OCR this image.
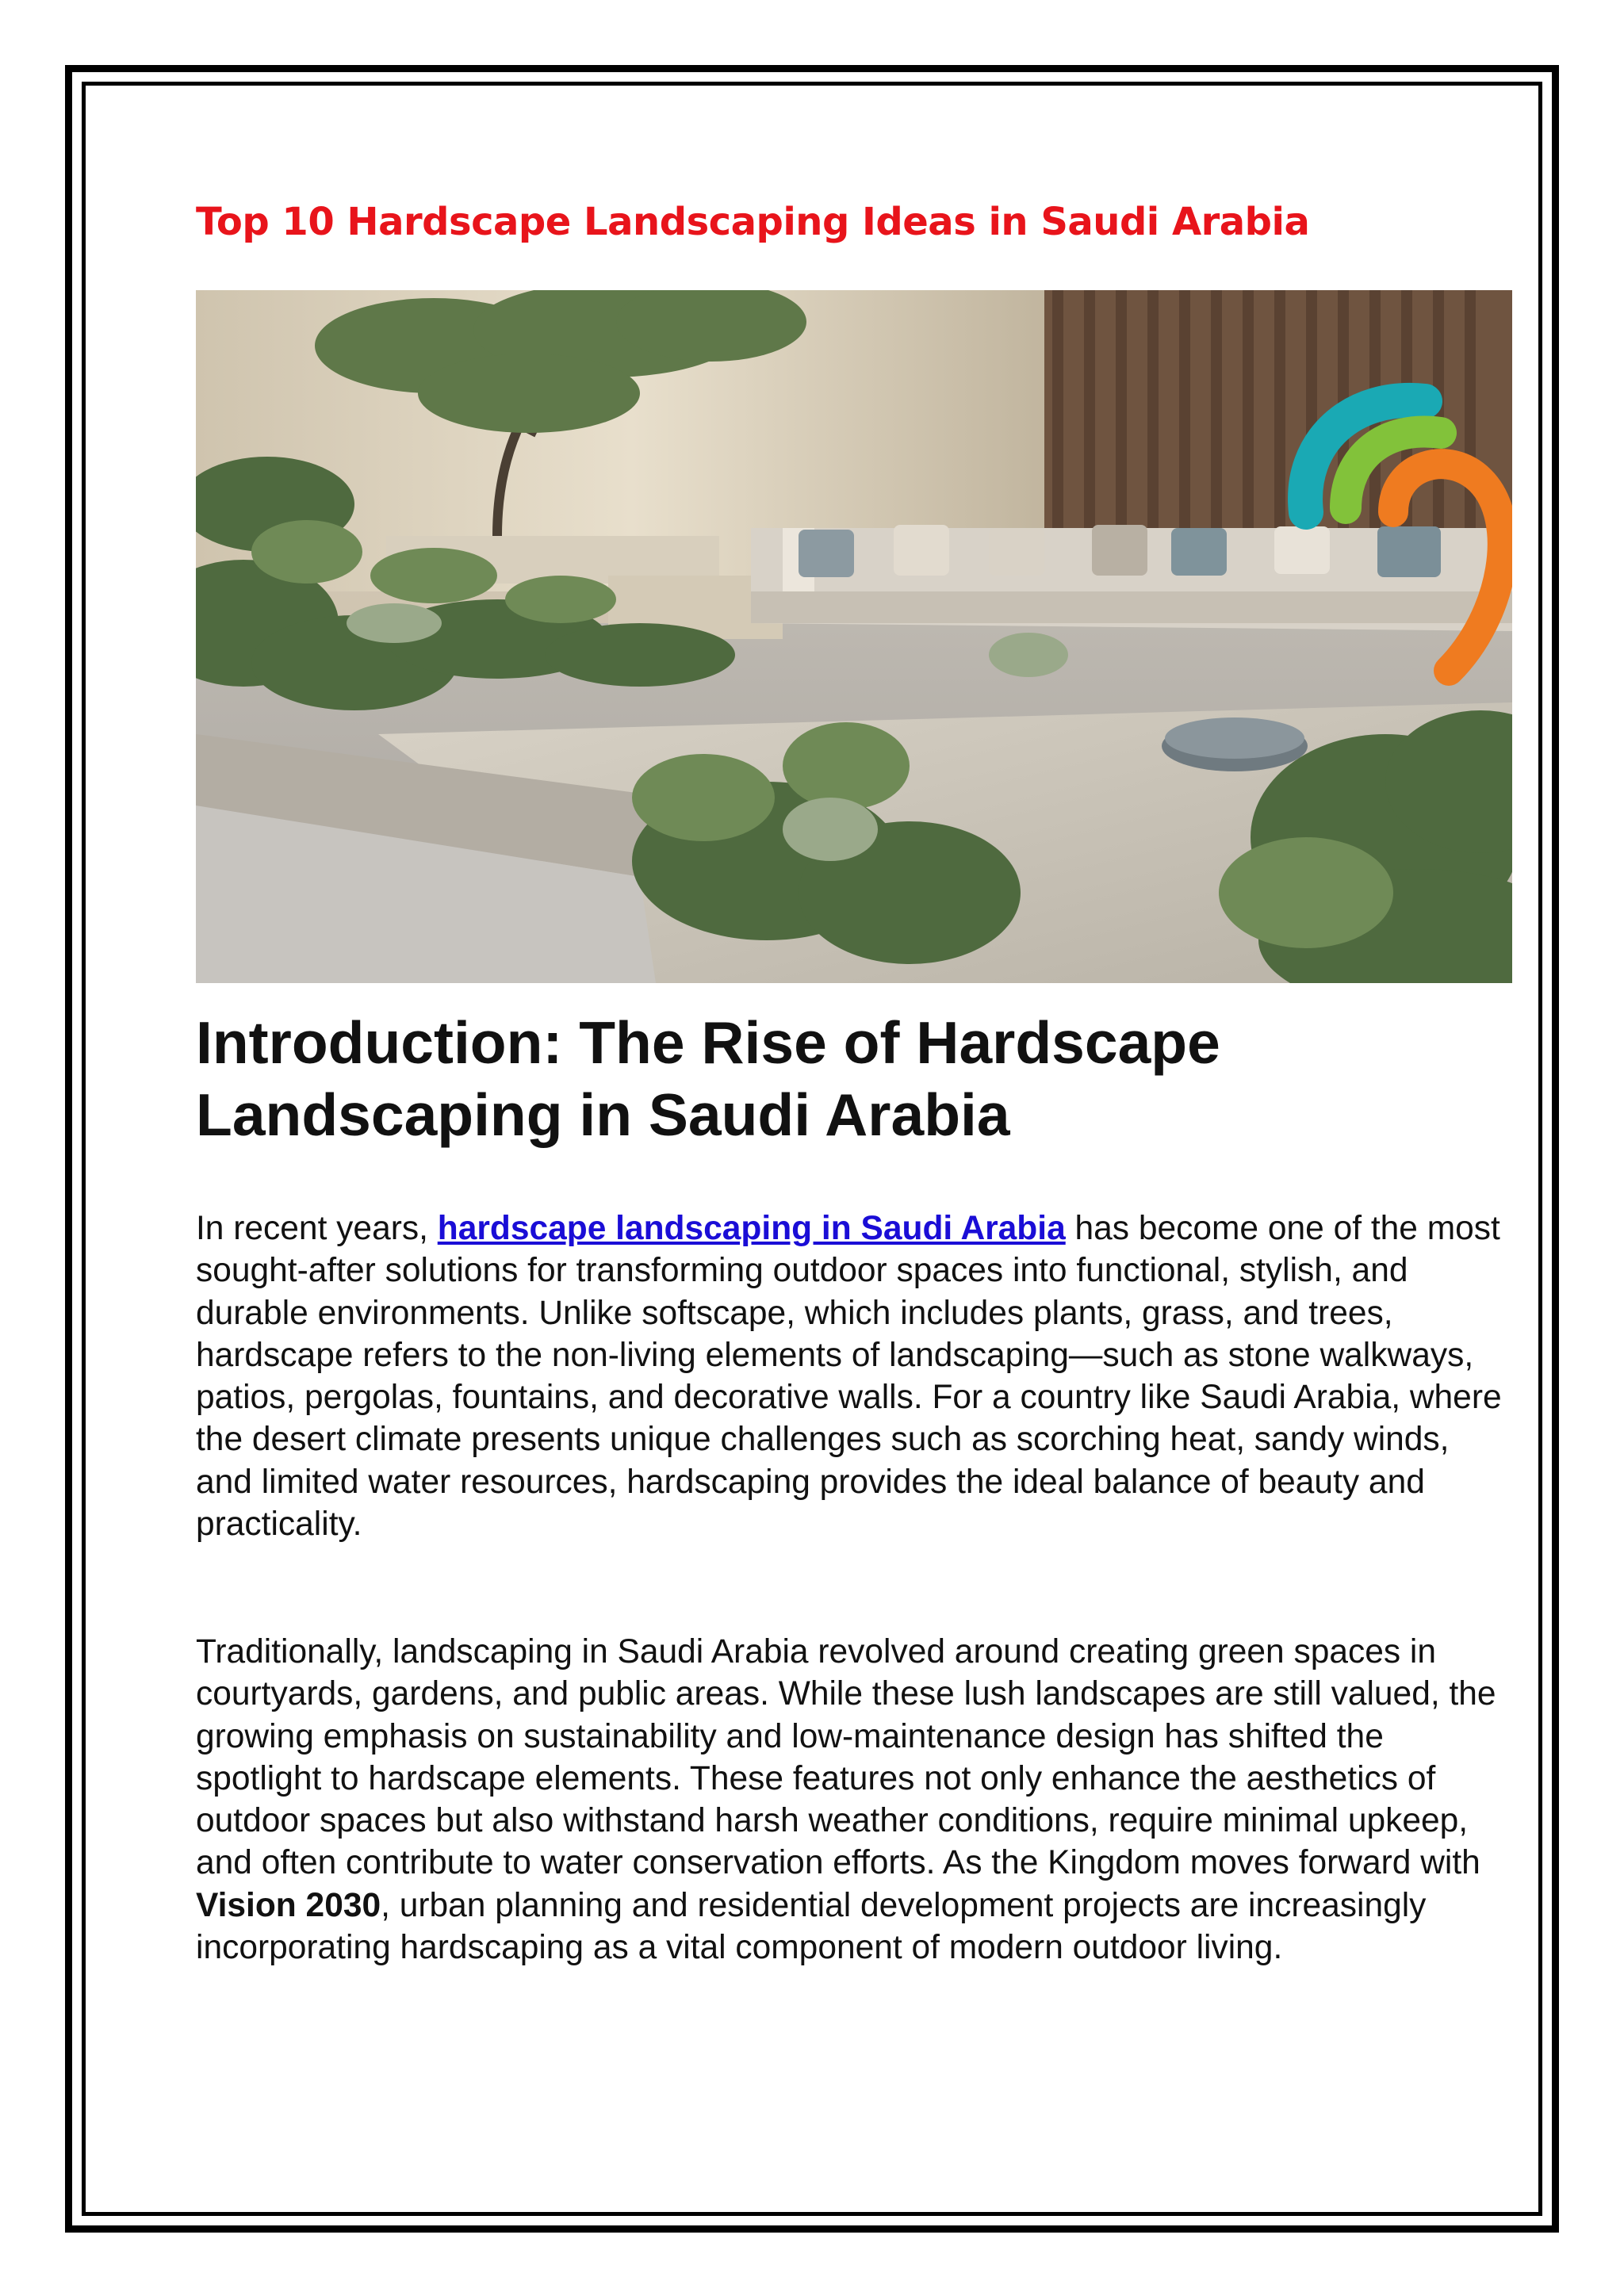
Top 10 Hardscape Landscaping Ideas in Saudi Arabia
Introduction: The Rise of Hardscape Landscaping in Saudi Arabia

In recent years, hardscape landscaping in Saudi Arabia has become one of the most sought-after solutions for transforming outdoor spaces into functional, stylish, and durable environments. Unlike softscape, which includes plants, grass, and trees, hardscape refers to the non-living elements of landscaping—such as stone walkways, patios, pergolas, fountains, and decorative walls. For a country like Saudi Arabia, where the desert climate presents unique challenges such as scorching heat, sandy winds, and limited water resources, hardscaping provides the ideal balance of beauty and practicality.

Traditionally, landscaping in Saudi Arabia revolved around creating green spaces in courtyards, gardens, and public areas. While these lush landscapes are still valued, the growing emphasis on sustainability and low-maintenance design has shifted the spotlight to hardscape elements. These features not only enhance the aesthetics of outdoor spaces but also withstand harsh weather conditions, require minimal upkeep, and often contribute to water conservation efforts. As the Kingdom moves forward with Vision 2030, urban planning and residential development projects are increasingly incorporating hardscaping as a vital component of modern outdoor living.
